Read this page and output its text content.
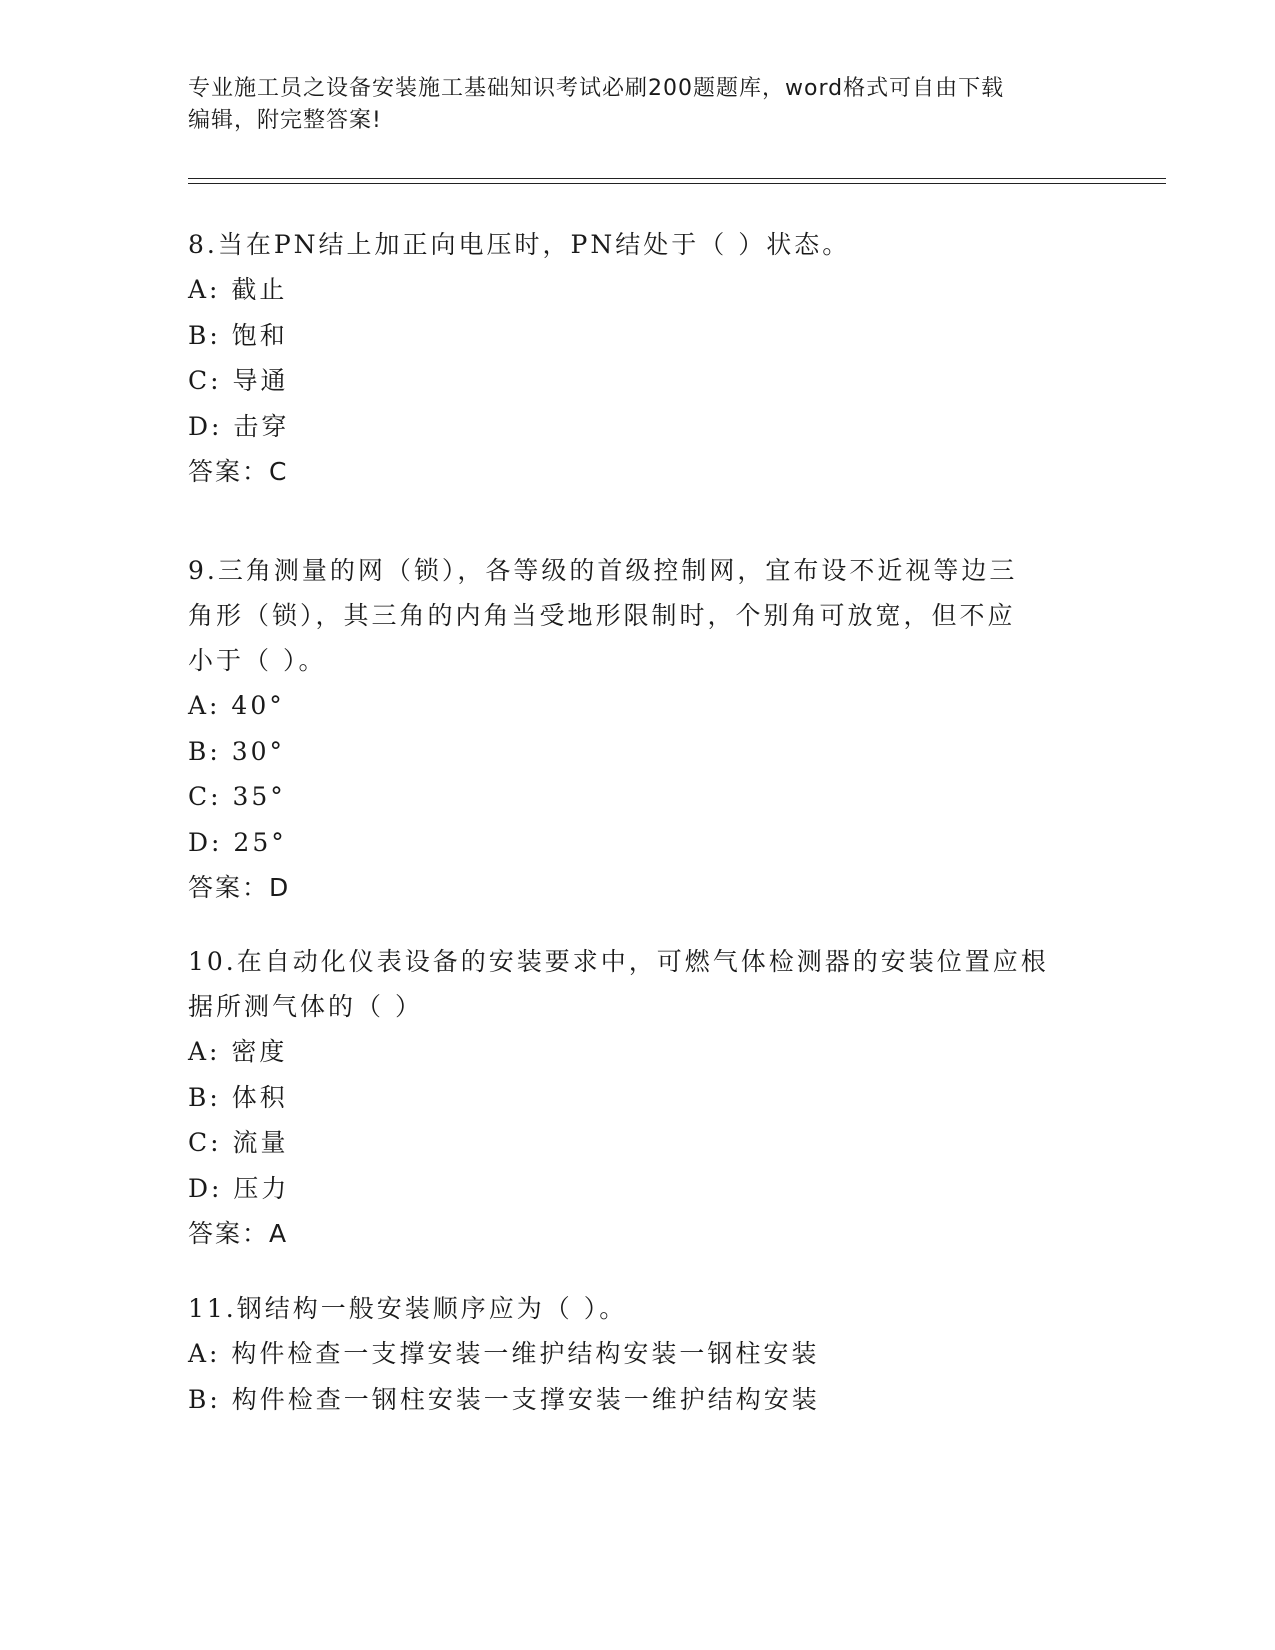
专业施工员之设备安装施工基础知识考试必刷200题题库，word格式可自由下载
编辑，附完整答案!

8.当在PN结上加正向电压时，PN结处于（ ）状态。

A: 截止

B: 饱和

C: 导通

D: 击穿

答案：C

9.三角测量的网（锁），各等级的首级控制网，宜布设不近视等边三

角形（锁），其三角的内角当受地形限制时，个别角可放宽，但不应

小于（ ）。

A: 40°

B: 30°

C: 35°

D: 25°

答案：D

10.在自动化仪表设备的安装要求中，可燃气体检测器的安装位置应根

据所测气体的（ ）

A: 密度

B: 体积

C: 流量

D: 压力

答案：A

11.钢结构一般安装顺序应为（ ）。

A: 构件检查一支撑安装一维护结构安装一钢柱安装

B: 构件检查一钢柱安装一支撑安装一维护结构安装
